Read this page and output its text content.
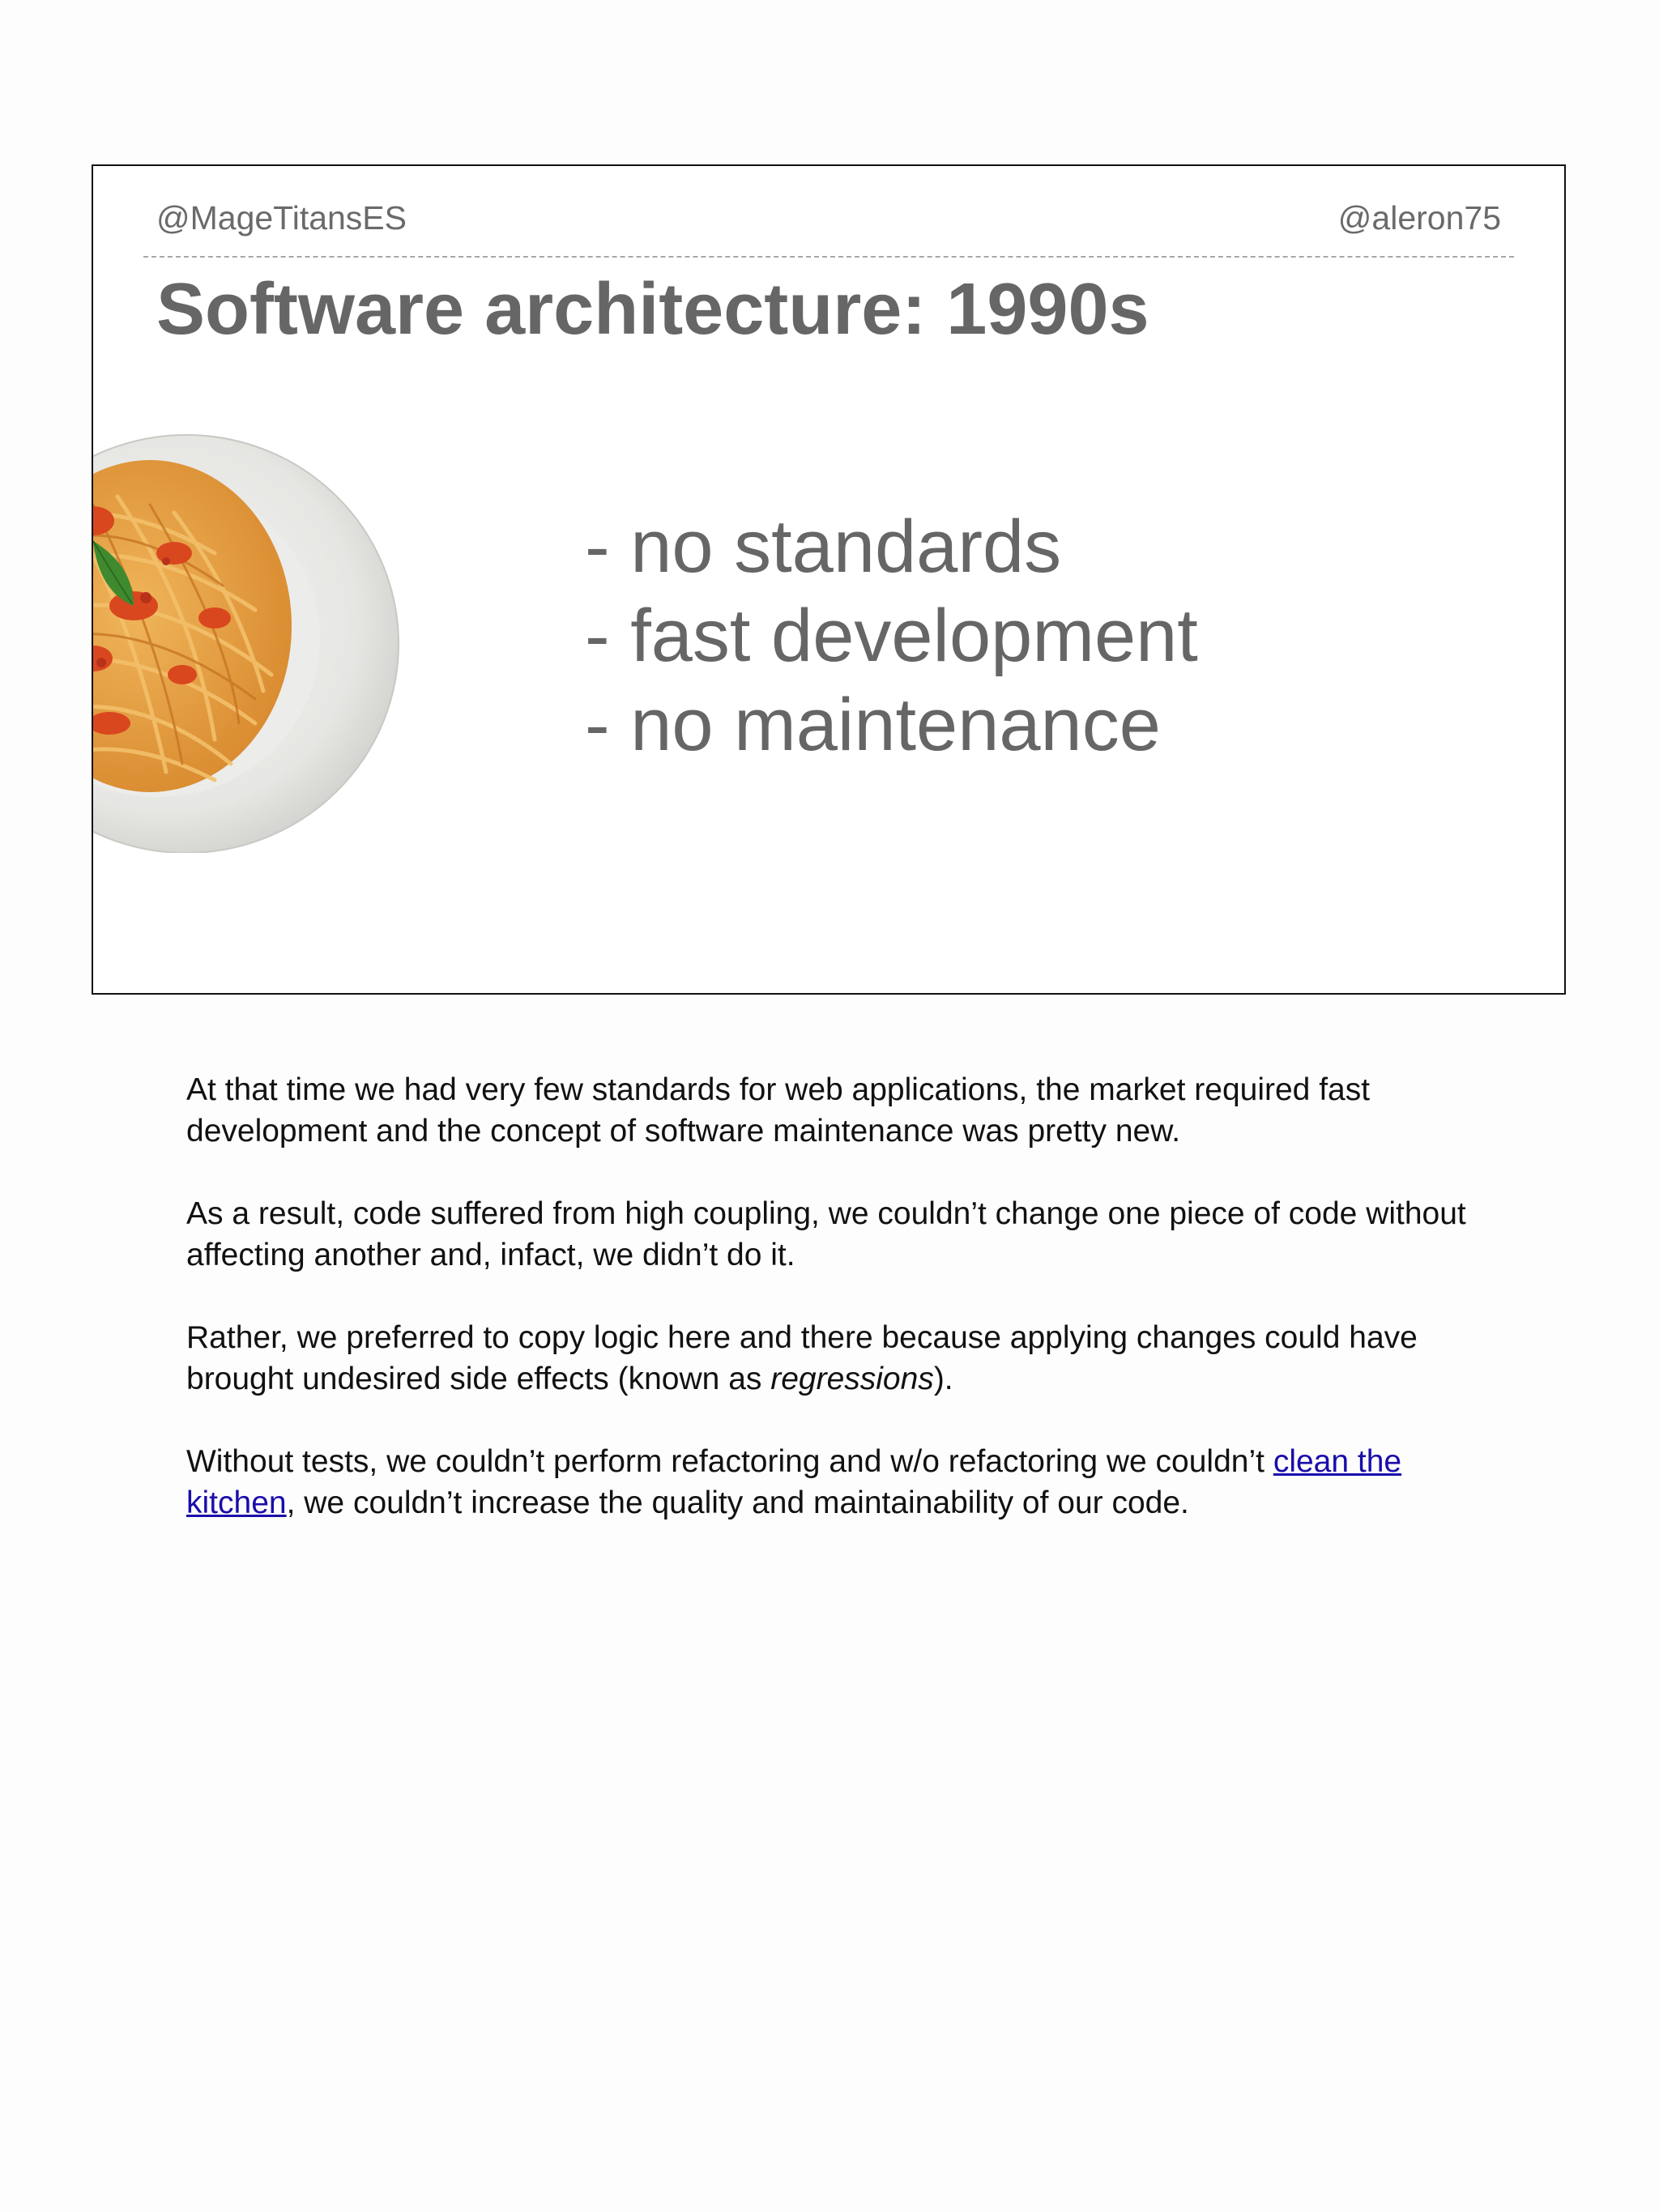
@MageTitansES	@aleron75
Software architecture: 1990s
- no standards
- fast development
- no maintenance

At that time we had very few standards for web applications, the market required fast development and the concept of software maintenance was pretty new.

As a result, code suffered from high coupling, we couldn’t change one piece of code without affecting another and, infact, we didn’t do it.

Rather, we preferred to copy logic here and there because applying changes could have brought undesired side effects (known as regressions).

Without tests, we couldn’t perform refactoring and w/o refactoring we couldn’t clean the kitchen, we couldn’t increase the quality and maintainability of our code.
